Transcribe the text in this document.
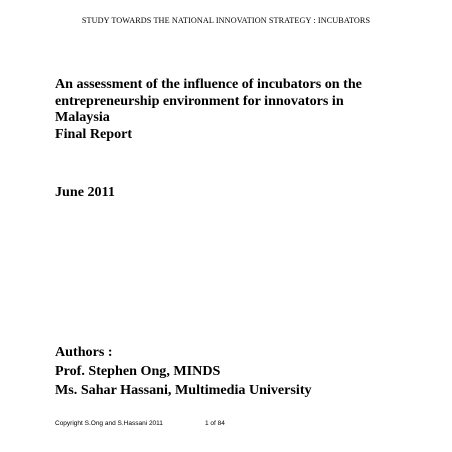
STUDY TOWARDS THE NATIONAL INNOVATION STRATEGY : INCUBATORS
An assessment of the influence of incubators on the
entrepreneurship environment for innovators in
Malaysia
Final Report
June 2011
Authors :
Prof. Stephen Ong, MINDS
Ms. Sahar Hassani, Multimedia University
Copyright S.Ong and S.Hassani 2011	1 of 84
